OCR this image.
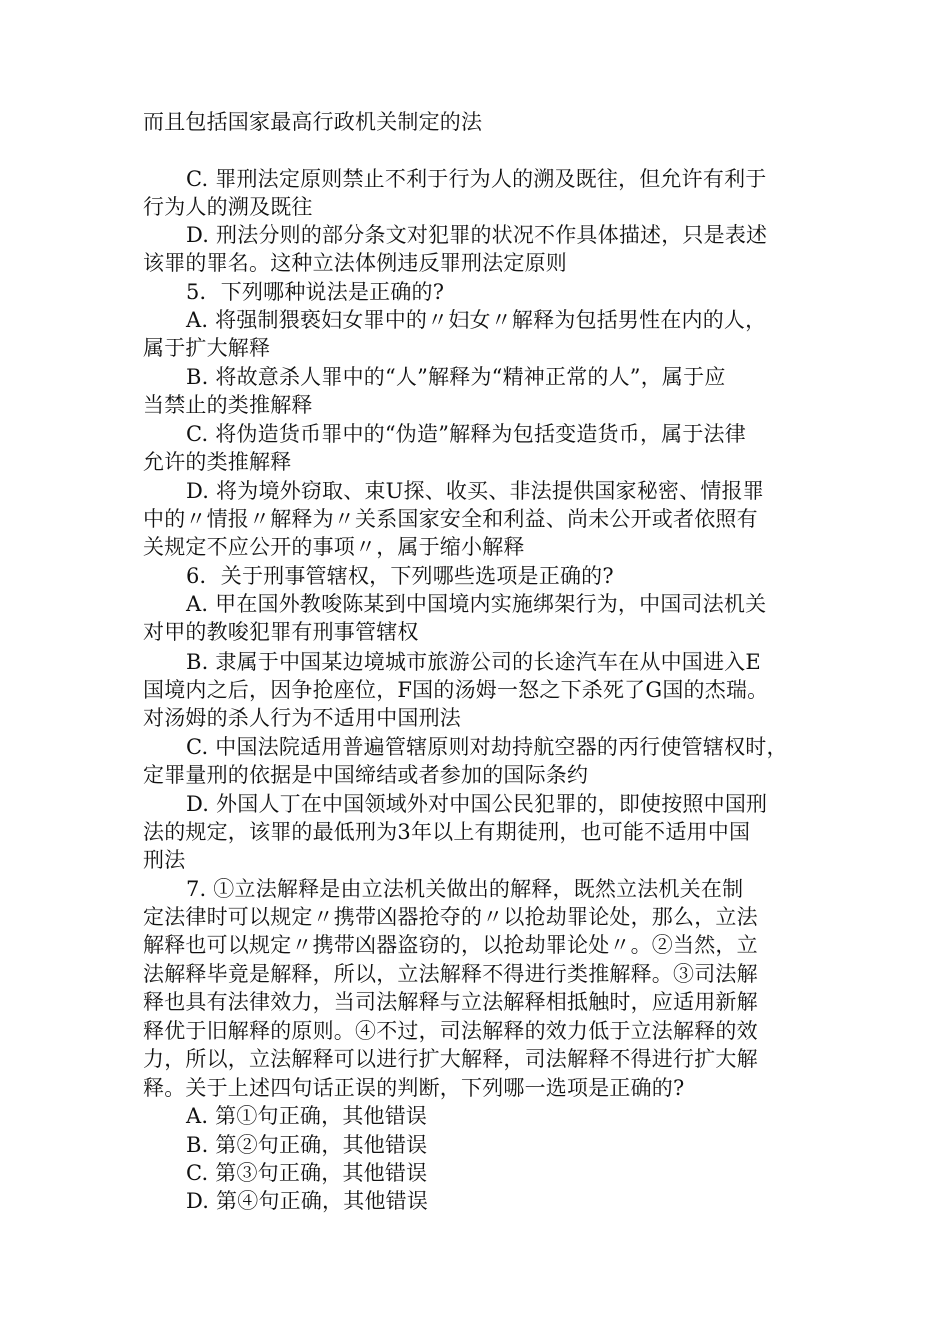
而且包括国家最高行政机关制定的法
C. 罪刑法定原则禁止不利于行为人的溯及既往，但允许有利于
行为人的溯及既往
D. 刑法分则的部分条文对犯罪的状况不作具体描述，只是表述
该罪的罪名。这种立法体例违反罪刑法定原则
5．下列哪种说法是正确的?
A. 将强制猥亵妇女罪中的〃妇女〃解释为包括男性在内的人，
属于扩大解释
B. 将故意杀人罪中的“人”解释为“精神正常的人”，属于应
当禁止的类推解释
C. 将伪造货币罪中的“伪造”解释为包括变造货币，属于法律
允许的类推解释
D. 将为境外窃取、束U探、收买、非法提供国家秘密、情报罪
中的〃情报〃解释为〃关系国家安全和利益、尚未公开或者依照有
关规定不应公开的事项〃，属于缩小解释
6．关于刑事管辖权，下列哪些选项是正确的?
A. 甲在国外教唆陈某到中国境内实施绑架行为，中国司法机关
对甲的教唆犯罪有刑事管辖权
B. 隶属于中国某边境城市旅游公司的长途汽车在从中国进入E
国境内之后，因争抢座位，F国的汤姆一怒之下杀死了G国的杰瑞。
对汤姆的杀人行为不适用中国刑法
C. 中国法院适用普遍管辖原则对劫持航空器的丙行使管辖权时，
定罪量刑的依据是中国缔结或者参加的国际条约
D. 外国人丁在中国领域外对中国公民犯罪的，即使按照中国刑
法的规定，该罪的最低刑为3年以上有期徒刑，也可能不适用中国
刑法
7. ①立法解释是由立法机关做出的解释，既然立法机关在制
定法律时可以规定〃携带凶器抢夺的〃以抢劫罪论处，那么，立法
解释也可以规定〃携带凶器盗窃的，以抢劫罪论处〃。②当然，立
法解释毕竟是解释，所以，立法解释不得进行类推解释。③司法解
释也具有法律效力，当司法解释与立法解释相抵触时，应适用新解
释优于旧解释的原则。④不过，司法解释的效力低于立法解释的效
力，所以，立法解释可以进行扩大解释，司法解释不得进行扩大解
释。关于上述四句话正误的判断，下列哪一选项是正确的?
A. 第①句正确，其他错误
B. 第②句正确，其他错误
C. 第③句正确，其他错误
D. 第④句正确，其他错误
